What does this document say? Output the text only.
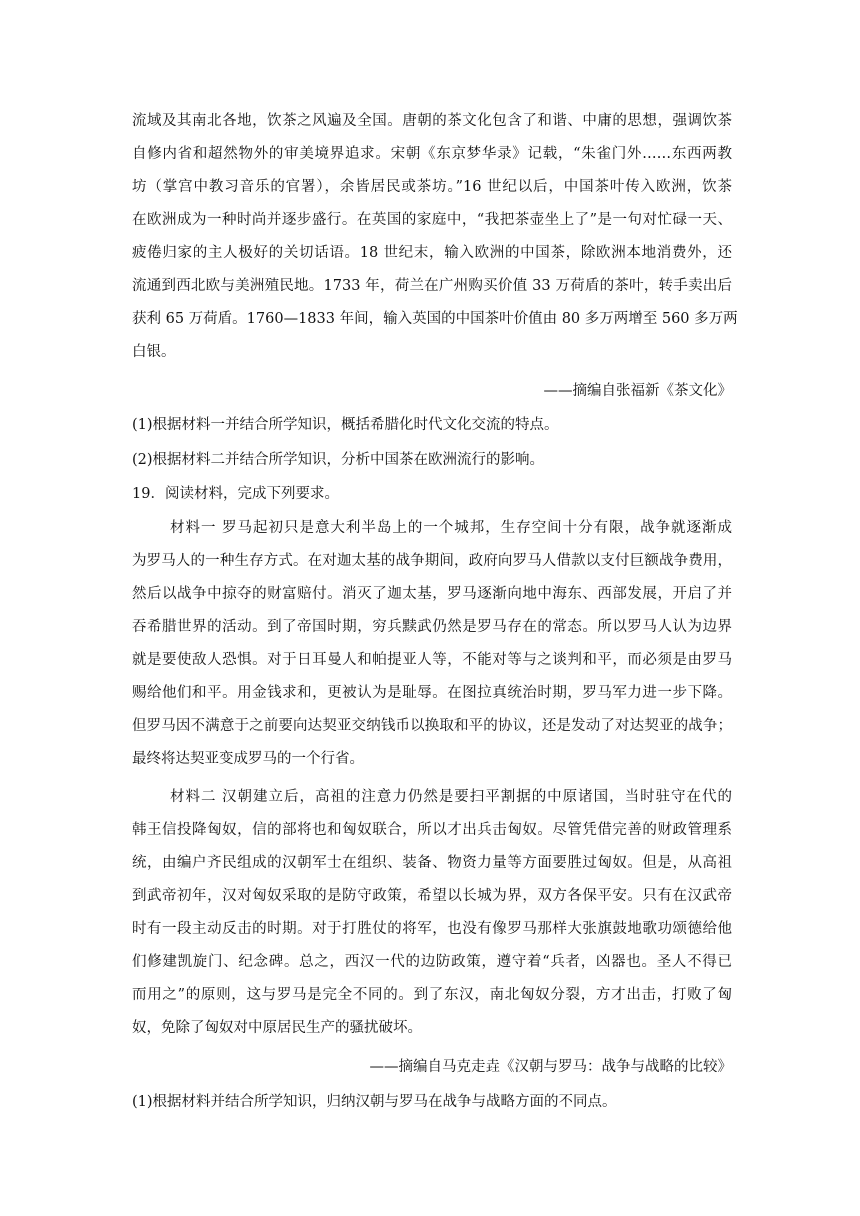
流域及其南北各地，饮茶之风遍及全国。唐朝的茶文化包含了和谐、中庸的思想，强调饮茶
自修内省和超然物外的审美境界追求。宋朝《东京梦华录》记载，“朱雀门外……东西两教
坊（掌宫中教习音乐的官署），余皆居民或茶坊。”16 世纪以后，中国茶叶传入欧洲，饮茶
在欧洲成为一种时尚并逐步盛行。在英国的家庭中，“我把茶壶坐上了”是一句对忙碌一天、
疲倦归家的主人极好的关切话语。18 世纪末，输入欧洲的中国茶，除欧洲本地消费外，还
流通到西北欧与美洲殖民地。1733 年，荷兰在广州购买价值 33 万荷盾的茶叶，转手卖出后
获利 65 万荷盾。1760—1833 年间，输入英国的中国茶叶价值由 80 多万两增至 560 多万两
白银。
——摘编自张福新《茶文化》
(1)根据材料一并结合所学知识，概括希腊化时代文化交流的特点。
(2)根据材料二并结合所学知识，分析中国茶在欧洲流行的影响。
19．阅读材料，完成下列要求。
材料一 罗马起初只是意大利半岛上的一个城邦，生存空间十分有限，战争就逐渐成
为罗马人的一种生存方式。在对迦太基的战争期间，政府向罗马人借款以支付巨额战争费用，
然后以战争中掠夺的财富赔付。消灭了迦太基，罗马逐渐向地中海东、西部发展，开启了并
吞希腊世界的活动。到了帝国时期，穷兵黩武仍然是罗马存在的常态。所以罗马人认为边界
就是要使敌人恐惧。对于日耳曼人和帕提亚人等，不能对等与之谈判和平，而必须是由罗马
赐给他们和平。用金钱求和，更被认为是耻辱。在图拉真统治时期，罗马军力进一步下降。
但罗马因不满意于之前要向达契亚交纳钱币以换取和平的协议，还是发动了对达契亚的战争；
最终将达契亚变成罗马的一个行省。
材料二 汉朝建立后，高祖的注意力仍然是要扫平割据的中原诸国，当时驻守在代的
韩王信投降匈奴，信的部将也和匈奴联合，所以才出兵击匈奴。尽管凭借完善的财政管理系
统，由编户齐民组成的汉朝军士在组织、装备、物资力量等方面要胜过匈奴。但是，从高祖
到武帝初年，汉对匈奴采取的是防守政策，希望以长城为界，双方各保平安。只有在汉武帝
时有一段主动反击的时期。对于打胜仗的将军，也没有像罗马那样大张旗鼓地歌功颂德给他
们修建凯旋门、纪念碑。总之，西汉一代的边防政策，遵守着“兵者，凶器也。圣人不得已
而用之”的原则，这与罗马是完全不同的。到了东汉，南北匈奴分裂，方才出击，打败了匈
奴，免除了匈奴对中原居民生产的骚扰破坏。
——摘编自马克走垚《汉朝与罗马：战争与战略的比较》
(1)根据材料并结合所学知识，归纳汉朝与罗马在战争与战略方面的不同点。
